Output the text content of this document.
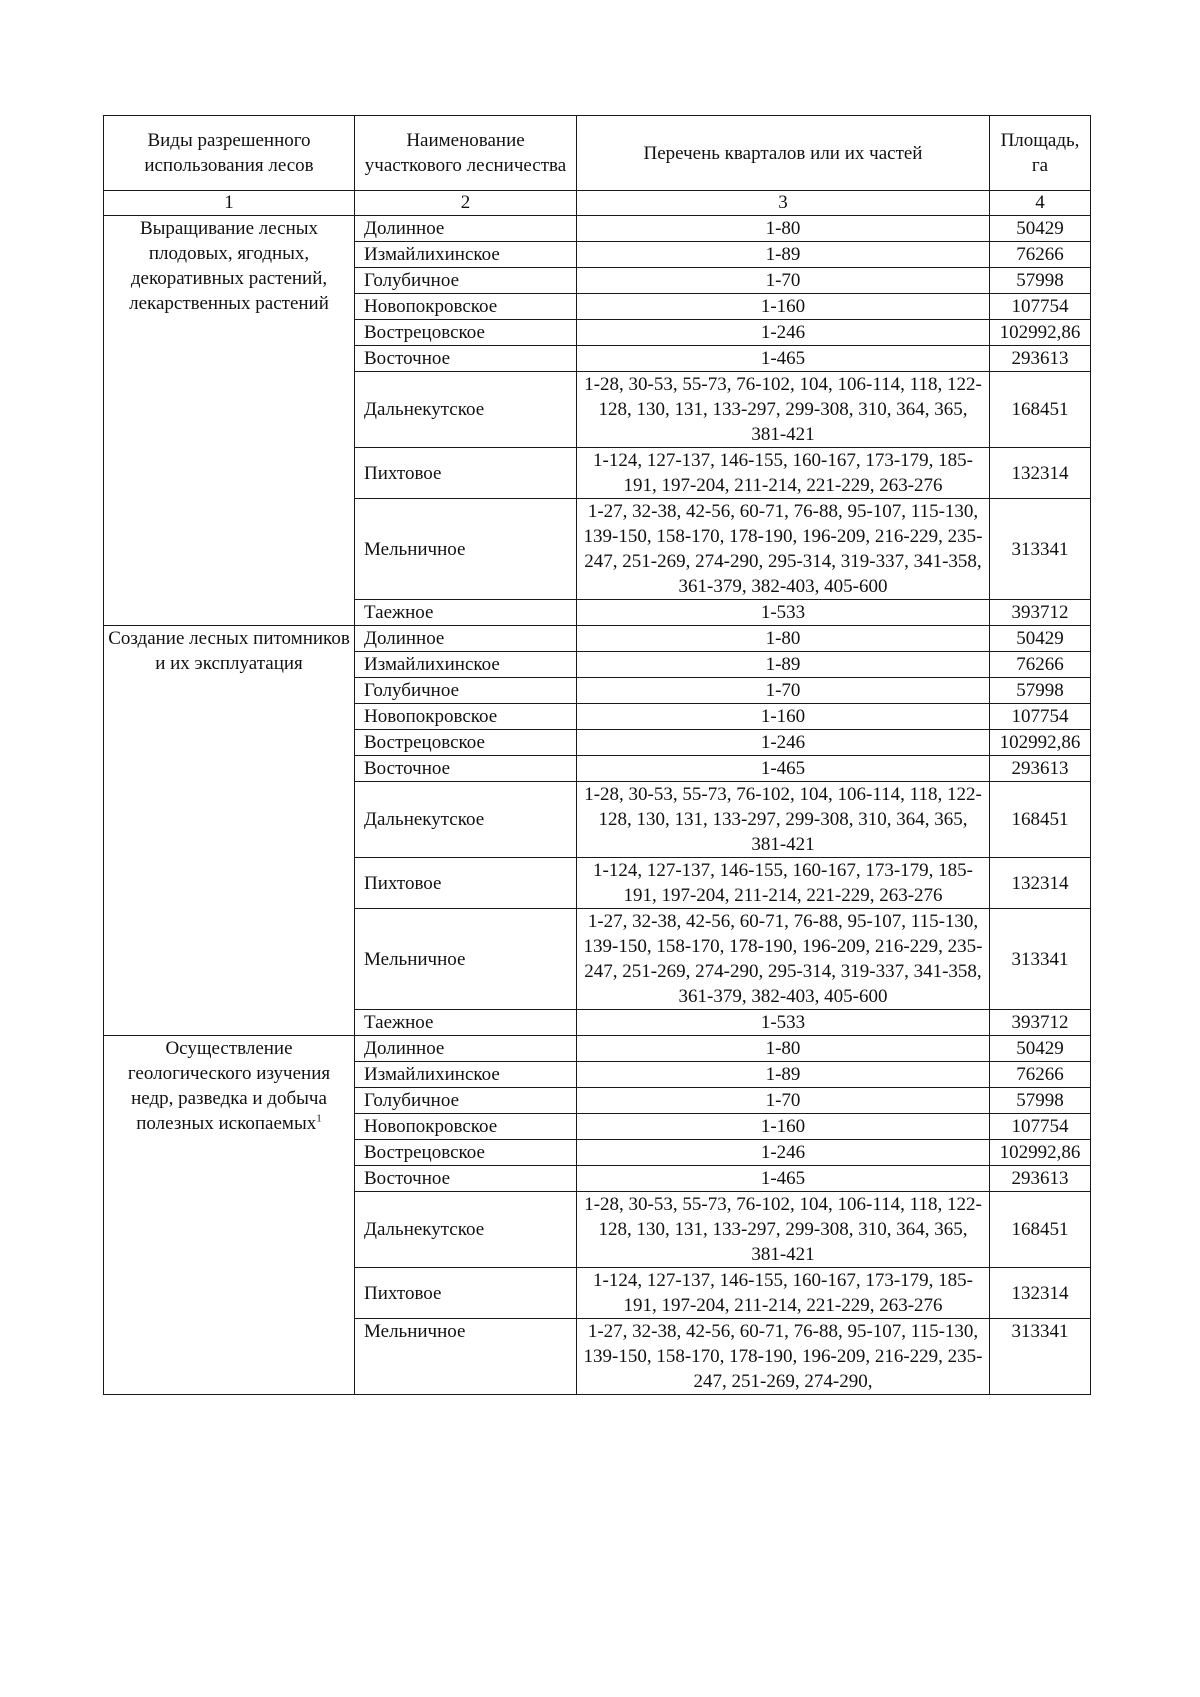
Виды разрешенного использования лесов	Наименование участкового лесничества	Перечень кварталов или их частей	Площадь, га
1	2	3	4
Выращивание лесных плодовых, ягодных, декоративных растений, лекарственных растений	Долинное	1-80	50429
	Измайлихинское	1-89	76266
	Голубичное	1-70	57998
	Новопокровское	1-160	107754
	Вострецовское	1-246	102992,86
	Восточное	1-465	293613
	Дальнекутское	1-28, 30-53, 55-73, 76-102, 104, 106-114, 118, 122-128, 130, 131, 133-297, 299-308, 310, 364, 365, 381-421	168451
	Пихтовое	1-124, 127-137, 146-155, 160-167, 173-179, 185-191, 197-204, 211-214, 221-229, 263-276	132314
	Мельничное	1-27, 32-38, 42-56, 60-71, 76-88, 95-107, 115-130, 139-150, 158-170, 178-190, 196-209, 216-229, 235-247, 251-269, 274-290, 295-314, 319-337, 341-358, 361-379, 382-403, 405-600	313341
	Таежное	1-533	393712
Создание лесных питомников и их эксплуатация	Долинное	1-80	50429
	Измайлихинское	1-89	76266
	Голубичное	1-70	57998
	Новопокровское	1-160	107754
	Вострецовское	1-246	102992,86
	Восточное	1-465	293613
	Дальнекутское	1-28, 30-53, 55-73, 76-102, 104, 106-114, 118, 122-128, 130, 131, 133-297, 299-308, 310, 364, 365, 381-421	168451
	Пихтовое	1-124, 127-137, 146-155, 160-167, 173-179, 185-191, 197-204, 211-214, 221-229, 263-276	132314
	Мельничное	1-27, 32-38, 42-56, 60-71, 76-88, 95-107, 115-130, 139-150, 158-170, 178-190, 196-209, 216-229, 235-247, 251-269, 274-290, 295-314, 319-337, 341-358, 361-379, 382-403, 405-600	313341
	Таежное	1-533	393712
Осуществление геологического изучения недр, разведка и добыча полезных ископаемых$^1$	Долинное	1-80	50429
	Измайлихинское	1-89	76266
	Голубичное	1-70	57998
	Новопокровское	1-160	107754
	Вострецовское	1-246	102992,86
	Восточное	1-465	293613
	Дальнекутское	1-28, 30-53, 55-73, 76-102, 104, 106-114, 118, 122-128, 130, 131, 133-297, 299-308, 310, 364, 365, 381-421	168451
	Пихтовое	1-124, 127-137, 146-155, 160-167, 173-179, 185-191, 197-204, 211-214, 221-229, 263-276	132314
	Мельничное	1-27, 32-38, 42-56, 60-71, 76-88, 95-107, 115-130, 139-150, 158-170, 178-190, 196-209, 216-229, 235-247, 251-269, 274-290,	313341
